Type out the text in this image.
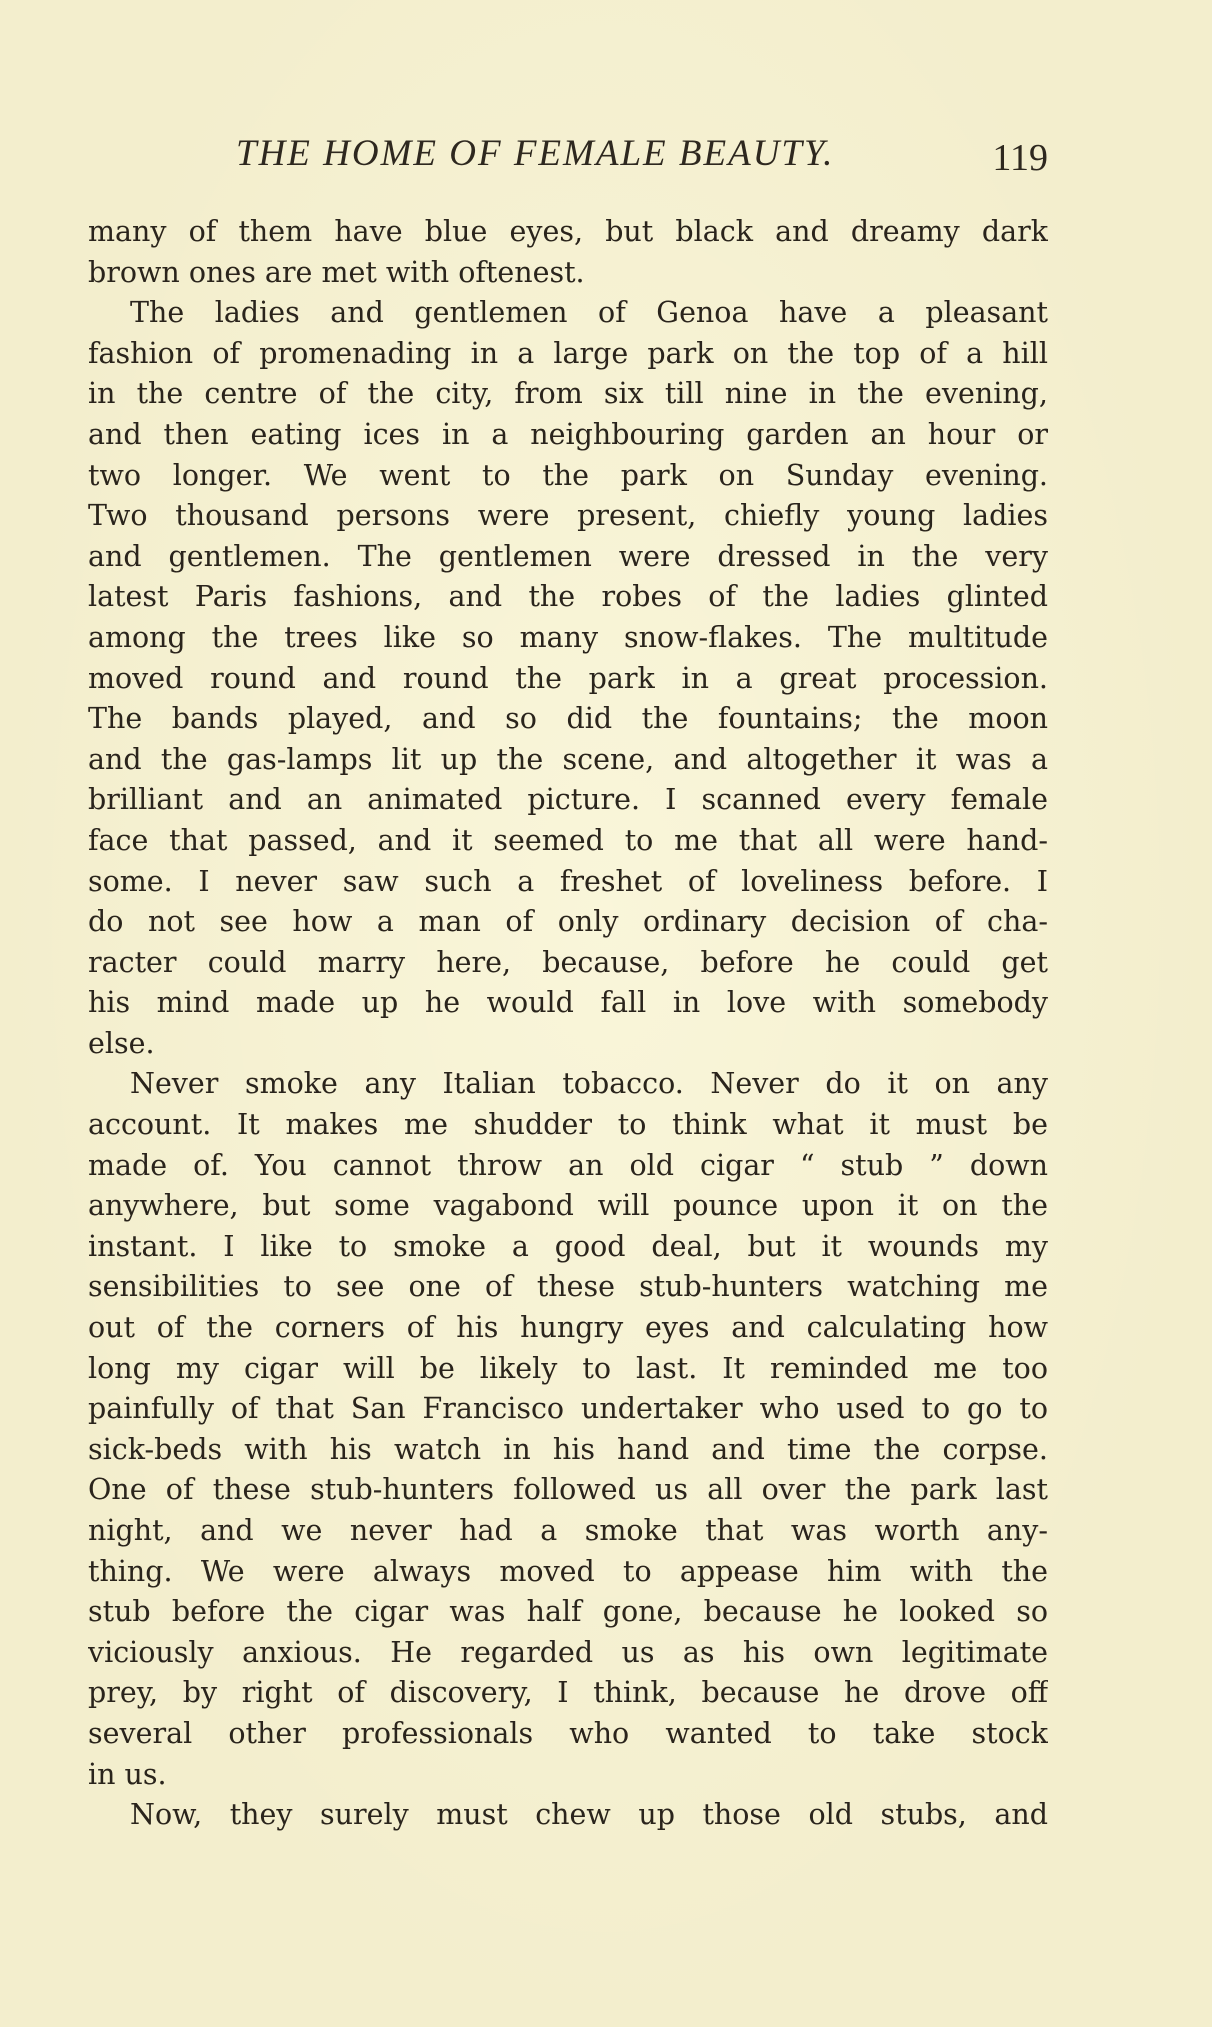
THE HOME OF FEMALE BEAUTY.	119
many of them have blue eyes, but black and dreamy dark
brown ones are met with oftenest.
The ladies and gentlemen of Genoa have a pleasant
fashion of promenading in a large park on the top of a hill
in the centre of the city, from six till nine in the evening,
and then eating ices in a neighbouring garden an hour or
two longer. We went to the park on Sunday evening.
Two thousand persons were present, chiefly young ladies
and gentlemen. The gentlemen were dressed in the very
latest Paris fashions, and the robes of the ladies glinted
among the trees like so many snow-flakes. The multitude
moved round and round the park in a great procession.
The bands played, and so did the fountains; the moon
and the gas-lamps lit up the scene, and altogether it was a
brilliant and an animated picture. I scanned every female
face that passed, and it seemed to me that all were hand-
some. I never saw such a freshet of loveliness before. I
do not see how a man of only ordinary decision of cha-
racter could marry here, because, before he could get
his mind made up he would fall in love with somebody
else.
Never smoke any Italian tobacco. Never do it on any
account. It makes me shudder to think what it must be
made of. You cannot throw an old cigar “ stub ” down
anywhere, but some vagabond will pounce upon it on the
instant. I like to smoke a good deal, but it wounds my
sensibilities to see one of these stub-hunters watching me
out of the corners of his hungry eyes and calculating how
long my cigar will be likely to last. It reminded me too
painfully of that San Francisco undertaker who used to go to
sick-beds with his watch in his hand and time the corpse.
One of these stub-hunters followed us all over the park last
night, and we never had a smoke that was worth any-
thing. We were always moved to appease him with the
stub before the cigar was half gone, because he looked so
viciously anxious. He regarded us as his own legitimate
prey, by right of discovery, I think, because he drove off
several other professionals who wanted to take stock
in us.
Now, they surely must chew up those old stubs, and
